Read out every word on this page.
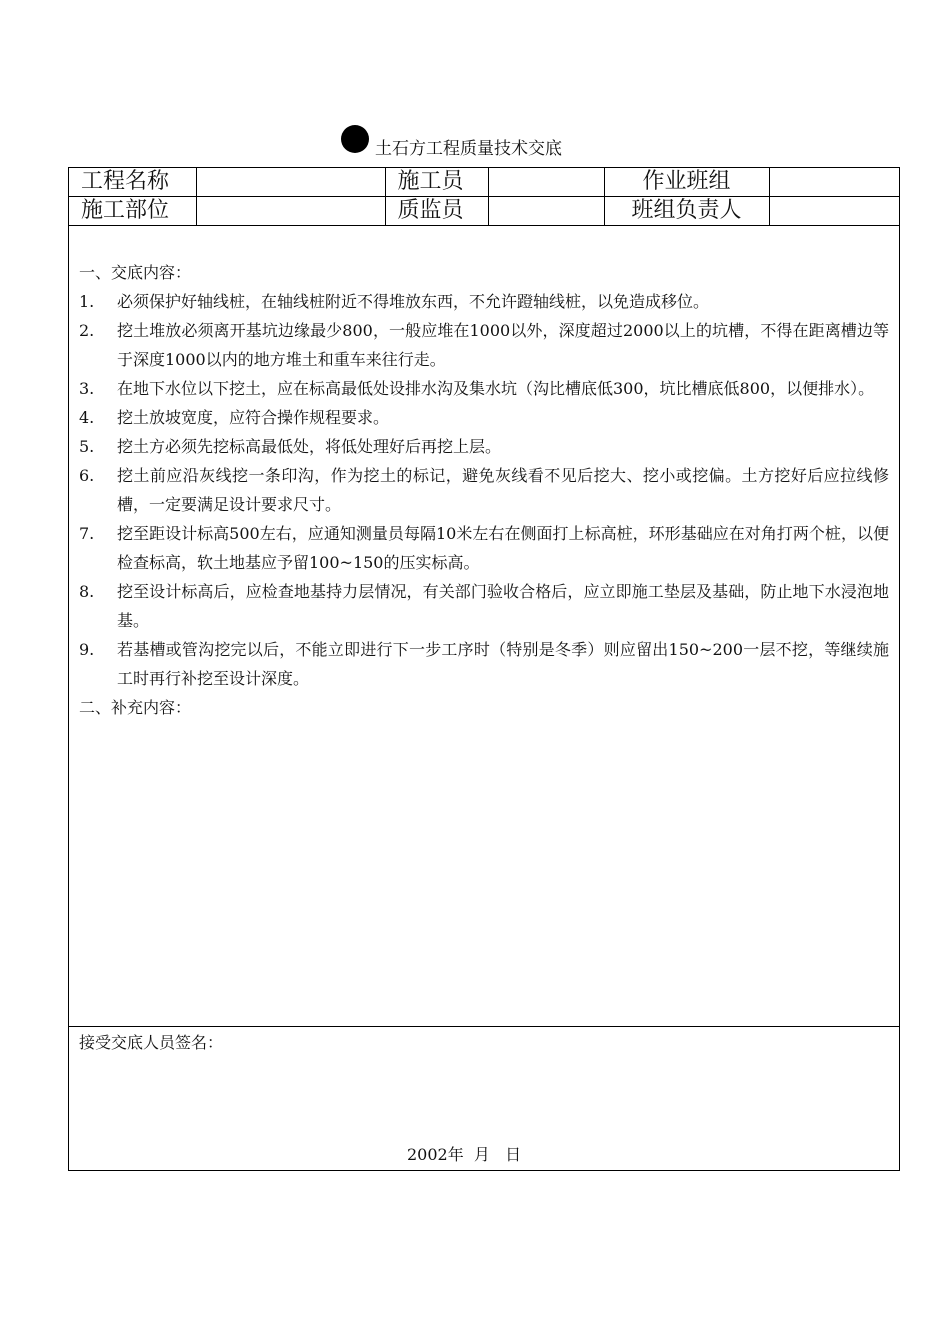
土石方工程质量技术交底
工程名称		施工员		作业班组	
施工部位		质监员		班组负责人	

一、交底内容：

1.	必须保护好轴线桩，在轴线桩附近不得堆放东西，不允许蹬轴线桩，以免造成移位。
2.	挖土堆放必须离开基坑边缘最少800，一般应堆在1000以外，深度超过2000以上的坑槽，不得在距离槽边等于深度1000以内的地方堆土和重车来往行走。
3.	在地下水位以下挖土，应在标高最低处设排水沟及集水坑（沟比槽底低300，坑比槽底低800，以便排水）。
4.	挖土放坡宽度，应符合操作规程要求。
5.	挖土方必须先挖标高最低处，将低处理好后再挖上层。
6.	挖土前应沿灰线挖一条印沟，作为挖土的标记，避免灰线看不见后挖大、挖小或挖偏。土方挖好后应拉线修槽，一定要满足设计要求尺寸。
7.	挖至距设计标高500左右，应通知测量员每隔10米左右在侧面打上标高桩，环形基础应在对角打两个桩，以便检查标高，软土地基应予留100~150的压实标高。
8.	挖至设计标高后，应检查地基持力层情况，有关部门验收合格后，应立即施工垫层及基础，防止地下水浸泡地基。
9.	若基槽或管沟挖完以后，不能立即进行下一步工序时（特别是冬季）则应留出150~200一层不挖，等继续施工时再行补挖至设计深度。

二、补充内容：

接受交底人员签名：
2002年  月   日
